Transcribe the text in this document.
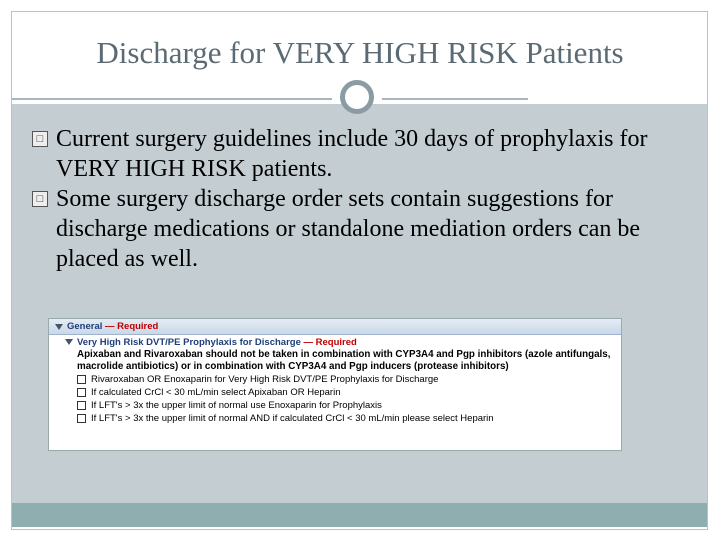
Discharge for VERY HIGH RISK Patients

□ Current surgery guidelines include 30 days of prophylaxis for VERY HIGH RISK patients.

□ Some surgery discharge order sets contain suggestions for discharge medications or standalone mediation orders can be placed as well.

General
— Required
Very High Risk DVT/PE Prophylaxis for Discharge
— Required
Apixaban and Rivaroxaban should not be taken in combination with CYP3A4 and Pgp inhibitors (azole antifungals, macrolide antibiotics) or in combination with CYP3A4 and Pgp inducers (protease inhibitors)
Rivaroxaban OR Enoxaparin for Very High Risk DVT/PE Prophylaxis for Discharge
If calculated CrCl < 30 mL/min select Apixaban OR Heparin
If LFT's > 3x the upper limit of normal use Enoxaparin for Prophylaxis
If LFT's > 3x the upper limit of normal AND if calculated CrCl < 30 mL/min please select Heparin
